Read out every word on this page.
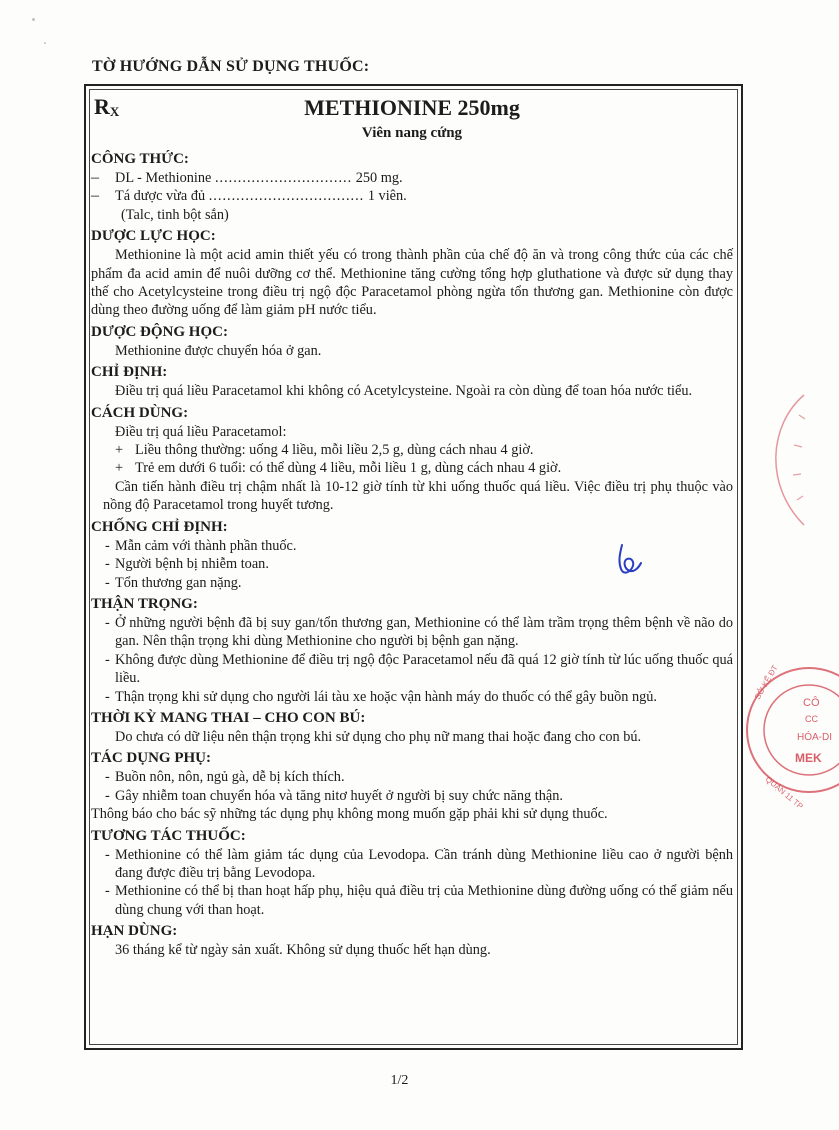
TỜ HƯỚNG DẪN SỬ DỤNG THUỐC:
$R_X$	METHIONINE 250mg
Viên nang cứng
CÔNG THỨC:
–	DL - Methionine .............................. 250 mg.
–	Tá dược vừa đủ .................................. 1 viên.

(Talc, tinh bột sắn)

DƯỢC LỰC HỌC:

Methionine là một acid amin thiết yếu có trong thành phần của chế độ ăn và trong công thức của các chế phẩm đa acid amin để nuôi dưỡng cơ thể. Methionine tăng cường tổng hợp gluthatione và được sử dụng thay thế cho Acetylcysteine trong điều trị ngộ độc Paracetamol phòng ngừa tổn thương gan. Methionine còn được dùng theo đường uống để làm giảm pH nước tiểu.

DƯỢC ĐỘNG HỌC:

Methionine được chuyển hóa ở gan.

CHỈ ĐỊNH:

Điều trị quá liều Paracetamol khi không có Acetylcysteine. Ngoài ra còn dùng để toan hóa nước tiểu.

CÁCH DÙNG:

Điều trị quá liều Paracetamol:

+ Liều thông thường: uống 4 liều, mỗi liều 2,5 g, dùng cách nhau 4 giờ.
+ Trẻ em dưới 6 tuổi: có thể dùng 4 liều, mỗi liều 1 g, dùng cách nhau 4 giờ.

Cần tiến hành điều trị chậm nhất là 10-12 giờ tính từ khi uống thuốc quá liều. Việc điều trị phụ thuộc vào nồng độ Paracetamol trong huyết tương.

CHỐNG CHỈ ĐỊNH:
- Mẫn cảm với thành phần thuốc.
- Người bệnh bị nhiễm toan.
- Tổn thương gan nặng.
THẬN TRỌNG:
- Ở những người bệnh đã bị suy gan/tổn thương gan, Methionine có thể làm trầm trọng thêm bệnh về não do gan. Nên thận trọng khi dùng Methionine cho người bị bệnh gan nặng.
- Không được dùng Methionine để điều trị ngộ độc Paracetamol nếu đã quá 12 giờ tính từ lúc uống thuốc quá liều.
- Thận trọng khi sử dụng cho người lái tàu xe hoặc vận hành máy do thuốc có thể gây buồn ngủ.
THỜI KỲ MANG THAI – CHO CON BÚ:

Do chưa có dữ liệu nên thận trọng khi sử dụng cho phụ nữ mang thai hoặc đang cho con bú.

TÁC DỤNG PHỤ:
- Buồn nôn, nôn, ngủ gà, dễ bị kích thích.
- Gây nhiễm toan chuyển hóa và tăng nitơ huyết ở người bị suy chức năng thận.

Thông báo cho bác sỹ những tác dụng phụ không mong muốn gặp phải khi sử dụng thuốc.

TƯƠNG TÁC THUỐC:
- Methionine có thể làm giảm tác dụng của Levodopa. Cần tránh dùng Methionine liều cao ở người bệnh đang được điều trị bằng Levodopa.
- Methionine có thể bị than hoạt hấp phụ, hiệu quả điều trị của Methionine dùng đường uống có thể giảm nếu dùng chung với than hoạt.
HẠN DÙNG:

36 tháng kể từ ngày sản xuất. Không sử dụng thuốc hết hạn dùng.

SỞ KẾ ĐT
QUẬN 11 TP
CÔ
CC
HÓA-DI
MEK
1/2
